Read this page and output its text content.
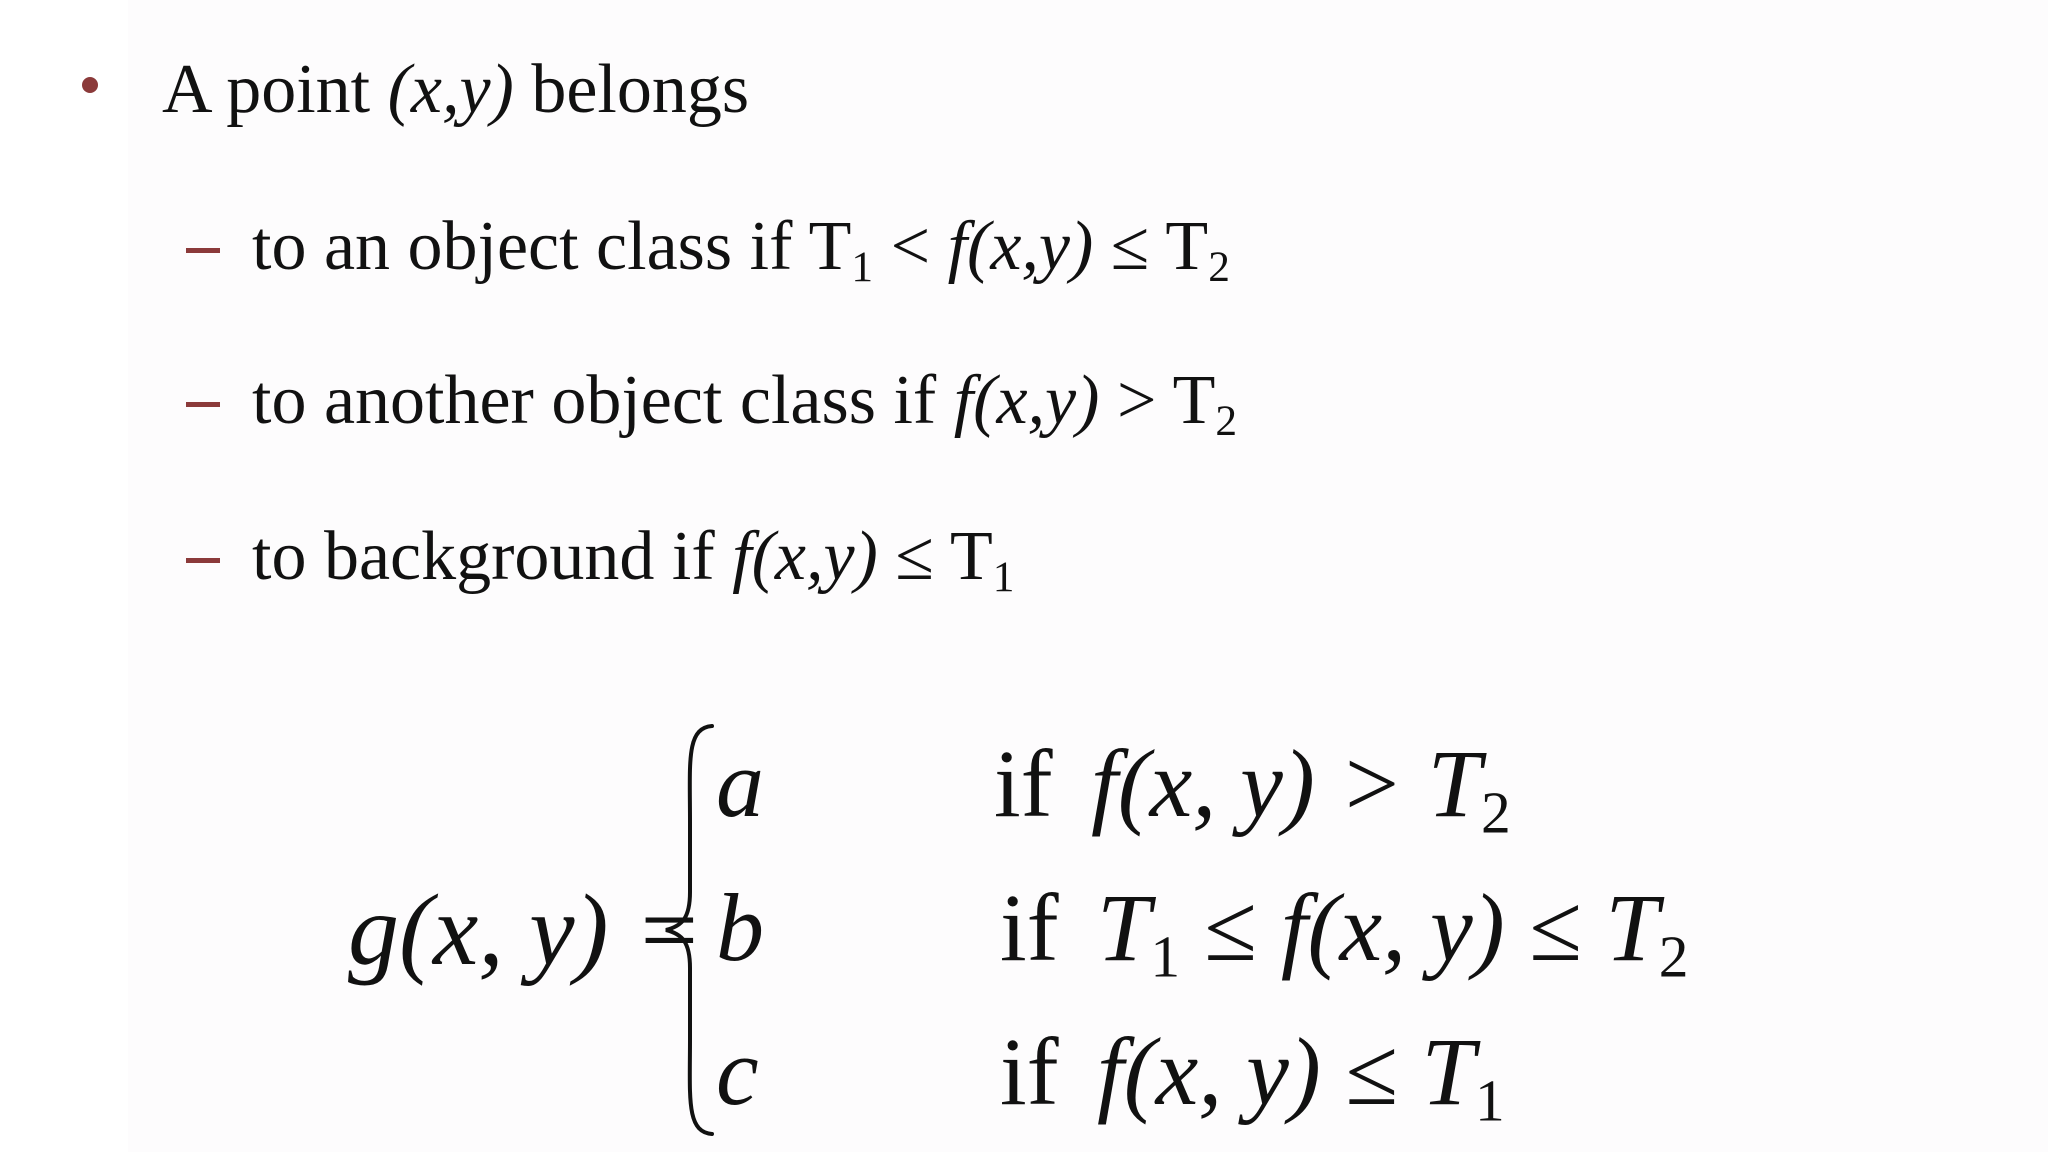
A point (x,y) belongs
to an object class if $T_1 < f(x,y) \le T_2$
to another object class if $f(x,y) > T_2$
to background if $f(x,y) \le T_1$
g(x, y) =
a
b
c
if f(x, $y) > T_2$
if $T_1 \le f(x$, $y) \le T_2$
if f(x, $y) \le T_1$
